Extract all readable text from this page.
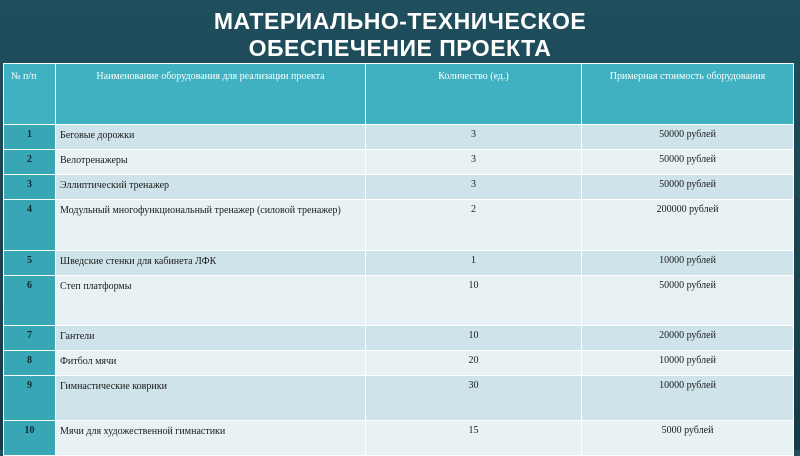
МАТЕРИАЛЬНО-ТЕХНИЧЕСКОЕ
ОБЕСПЕЧЕНИЕ ПРОЕКТА
№ п/п	Наименование оборудования для реализации проекта	Количество (ед.)	Примерная стоимость оборудования
1	Беговые дорожки	3	50000 рублей
2	Велотренажеры	3	50000 рублей
3	Эллиптический тренажер	3	50000 рублей
4	Модульный многофункциональный тренажер (силовой тренажер)	2	200000 рублей
5	Шведские стенки для кабинета ЛФК	1	10000 рублей
6	Степ платформы	10	50000 рублей
7	Гантели	10	20000 рублей
8	Фитбол мячи	20	10000 рублей
9	Гимнастические коврики	30	10000 рублей
10	Мячи для художественной гимнастики	15	5000 рублей
